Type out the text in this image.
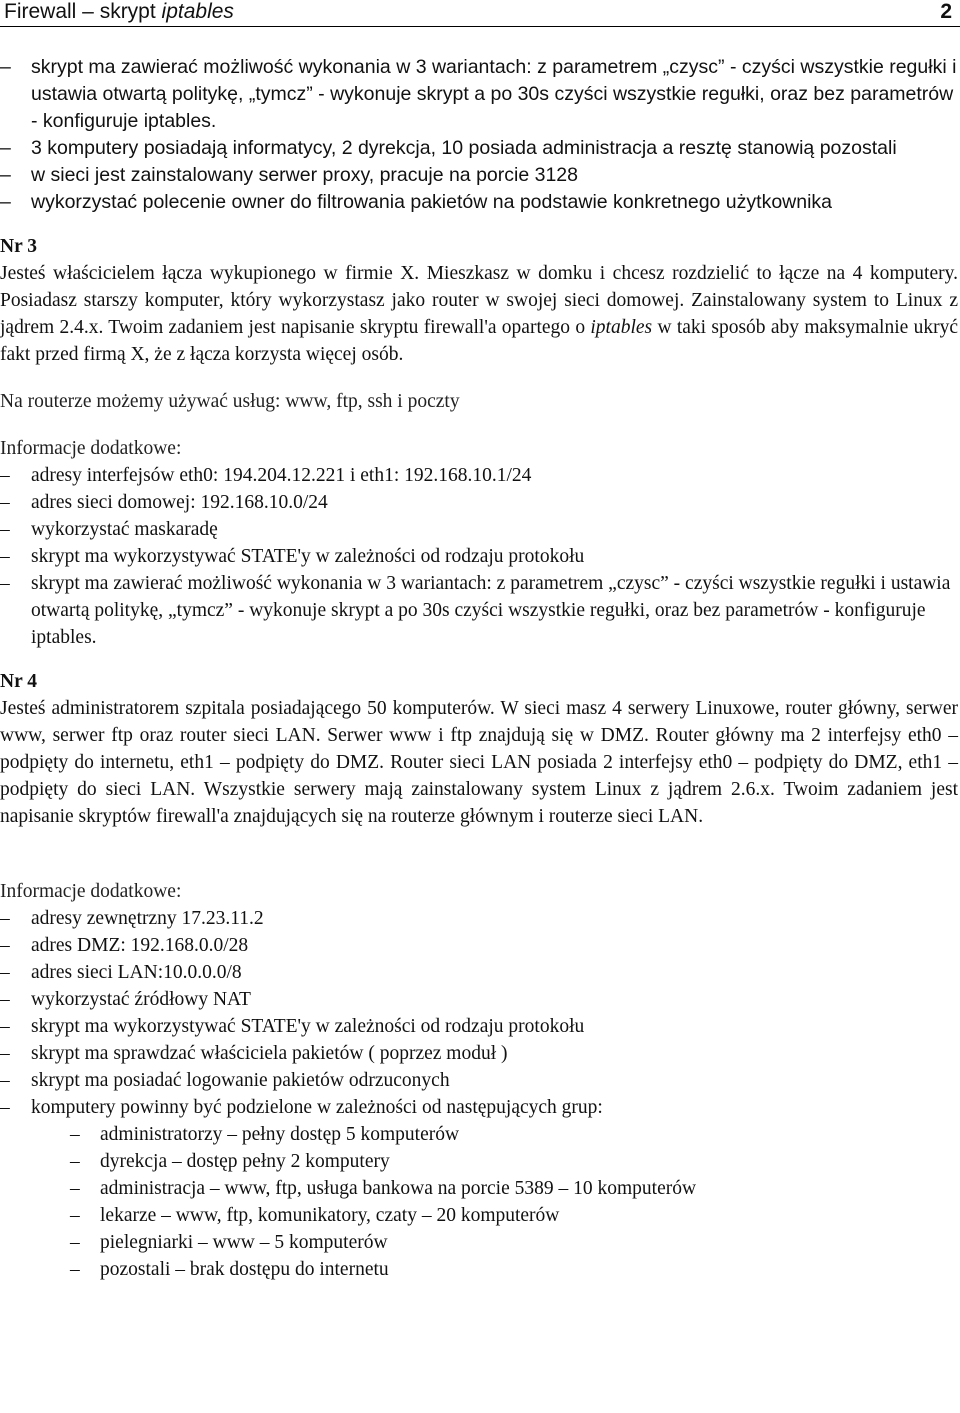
Firewall – skrypt iptables	2
– skrypt ma zawierać możliwość wykonania w 3 wariantach: z parametrem „czysc” - czyści wszystkie regułki i ustawia otwartą politykę, „tymcz” - wykonuje skrypt a po 30s czyści wszystkie regułki, oraz bez parametrów - konfiguruje iptables.
– 3 komputery posiadają informatycy, 2 dyrekcja, 10 posiada administracja a resztę stanowią pozostali
– w sieci jest zainstalowany serwer proxy, pracuje na porcie 3128
– wykorzystać polecenie owner do filtrowania pakietów na podstawie konkretnego użytkownika
Nr 3
Jesteś właścicielem łącza wykupionego w firmie X. Mieszkasz w domku i chcesz rozdzielić to łącze na 4 komputery. Posiadasz starszy komputer, który wykorzystasz jako router w swojej sieci domowej. Zainstalowany system to Linux z jądrem 2.4.x. Twoim zadaniem jest napisanie skryptu firewall'a opartego o iptables w taki sposób aby maksymalnie ukryć fakt przed firmą X, że z łącza korzysta więcej osób.
Na routerze możemy używać usług: www, ftp, ssh i poczty
Informacje dodatkowe:
– adresy interfejsów eth0: 194.204.12.221 i eth1: 192.168.10.1/24
– adres sieci domowej: 192.168.10.0/24
– wykorzystać maskaradę
– skrypt ma wykorzystywać STATE'y w zależności od rodzaju protokołu
– skrypt ma zawierać możliwość wykonania w 3 wariantach: z parametrem „czysc” - czyści wszystkie regułki i ustawia otwartą politykę, „tymcz” - wykonuje skrypt a po 30s czyści wszystkie regułki, oraz bez parametrów - konfiguruje iptables.
Nr 4
Jesteś administratorem szpitala posiadającego 50 komputerów. W sieci masz 4 serwery Linuxowe, router główny, serwer www, serwer ftp oraz router sieci LAN. Serwer www i ftp znajdują się w DMZ. Router główny ma 2 interfejsy eth0 – podpięty do internetu, eth1 – podpięty do DMZ. Router sieci LAN posiada 2 interfejsy eth0 – podpięty do DMZ, eth1 – podpięty do sieci LAN. Wszystkie serwery mają zainstalowany system Linux z jądrem 2.6.x. Twoim zadaniem jest napisanie skryptów firewall'a znajdujących się na routerze głównym i routerze sieci LAN.
Informacje dodatkowe:
– adresy zewnętrzny 17.23.11.2
– adres DMZ: 192.168.0.0/28
– adres sieci LAN:10.0.0.0/8
– wykorzystać źródłowy NAT
– skrypt ma wykorzystywać STATE'y w zależności od rodzaju protokołu
– skrypt ma sprawdzać właściciela pakietów ( poprzez moduł )
– skrypt ma posiadać logowanie pakietów odrzuconych
– komputery powinny być podzielone w zależności od następujących grup:
– administratorzy – pełny dostęp 5 komputerów
– dyrekcja – dostęp pełny 2 komputery
– administracja – www, ftp, usługa bankowa na porcie 5389 – 10 komputerów
– lekarze – www, ftp, komunikatory, czaty – 20 komputerów
– pielegniarki – www – 5 komputerów
– pozostali – brak dostępu do internetu
